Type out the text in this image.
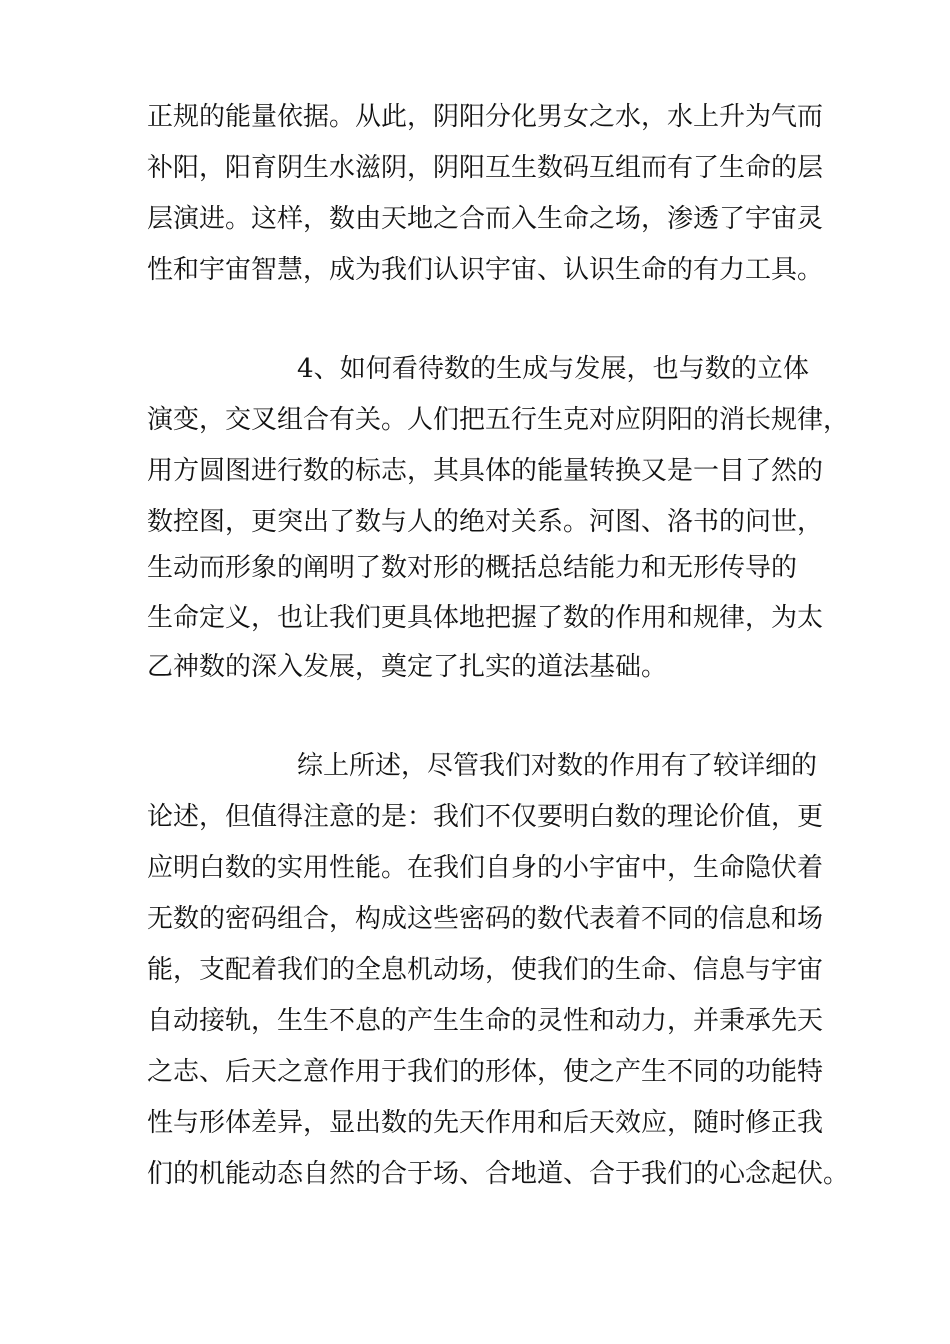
正规的能量依据。从此，阴阳分化男女之水，水上升为气而

补阳，阳育阴生水滋阴，阴阳互生数码互组而有了生命的层

层演进。这样，数由天地之合而入生命之场，渗透了宇宙灵

性和宇宙智慧，成为我们认识宇宙、认识生命的有力工具。

4、如何看待数的生成与发展，也与数的立体

演变，交叉组合有关。人们把五行生克对应阴阳的消长规律，

用方圆图进行数的标志，其具体的能量转换又是一目了然的

数控图，更突出了数与人的绝对关系。河图、洛书的问世，

生动而形象的阐明了数对形的概括总结能力和无形传导的

生命定义，也让我们更具体地把握了数的作用和规律，为太

乙神数的深入发展，奠定了扎实的道法基础。

综上所述，尽管我们对数的作用有了较详细的

论述，但值得注意的是：我们不仅要明白数的理论价值，更

应明白数的实用性能。在我们自身的小宇宙中，生命隐伏着

无数的密码组合，构成这些密码的数代表着不同的信息和场

能，支配着我们的全息机动场，使我们的生命、信息与宇宙

自动接轨，生生不息的产生生命的灵性和动力，并秉承先天

之志、后天之意作用于我们的形体，使之产生不同的功能特

性与形体差异，显出数的先天作用和后天效应，随时修正我

们的机能动态自然的合于场、合地道、合于我们的心念起伏。
